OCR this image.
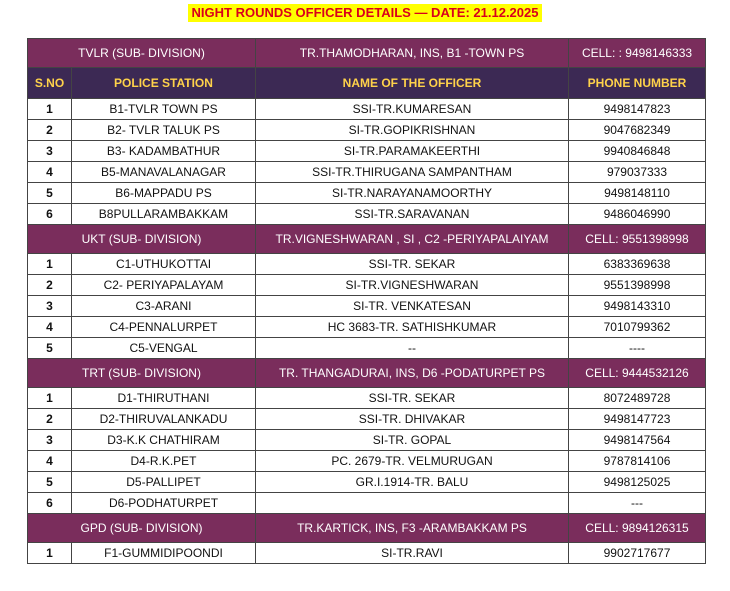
NIGHT ROUNDS OFFICER DETAILS — DATE: 21.12.2025
TVLR (SUB- DIVISION)		TR.THAMODHARAN, INS, B1 -TOWN PS	CELL: : 9498146333
S.NO	POLICE STATION	NAME OF THE OFFICER	PHONE NUMBER
1	B1-TVLR TOWN PS	SSI-TR.KUMARESAN	9498147823
2	B2- TVLR TALUK PS	SI-TR.GOPIKRISHNAN	9047682349
3	B3- KADAMBATHUR	SI-TR.PARAMAKEERTHI	9940846848
4	B5-MANAVALANAGAR	SSI-TR.THIRUGANA SAMPANTHAM	979037333
5	B6-MAPPADU PS	SI-TR.NARAYANAMOORTHY	9498148110
6	B8PULLARAMBAKKAM	SSI-TR.SARAVANAN	9486046990
UKT (SUB- DIVISION)		TR.VIGNESHWARAN , SI , C2 -PERIYAPALAIYAM	CELL: 9551398998
1	C1-UTHUKOTTAI	SSI-TR. SEKAR	6383369638
2	C2- PERIYAPALAYAM	SI-TR.VIGNESHWARAN	9551398998
3	C3-ARANI	SI-TR. VENKATESAN	9498143310
4	C4-PENNALURPET	HC 3683-TR. SATHISHKUMAR	7010799362
5	C5-VENGAL	--	----
TRT (SUB- DIVISION)		TR. THANGADURAI, INS, D6 -PODATURPET PS	CELL: 9444532126
1	D1-THIRUTHANI	SSI-TR. SEKAR	8072489728
2	D2-THIRUVALANKADU	SSI-TR. DHIVAKAR	9498147723
3	D3-K.K CHATHIRAM	SI-TR. GOPAL	9498147564
4	D4-R.K.PET	PC. 2679-TR. VELMURUGAN	9787814106
5	D5-PALLIPET	GR.I.1914-TR. BALU	9498125025
6	D6-PODHATURPET		---
GPD (SUB- DIVISION)		TR.KARTICK, INS, F3 -ARAMBAKKAM PS	CELL: 9894126315
1	F1-GUMMIDIPOONDI	SI-TR.RAVI	9902717677
